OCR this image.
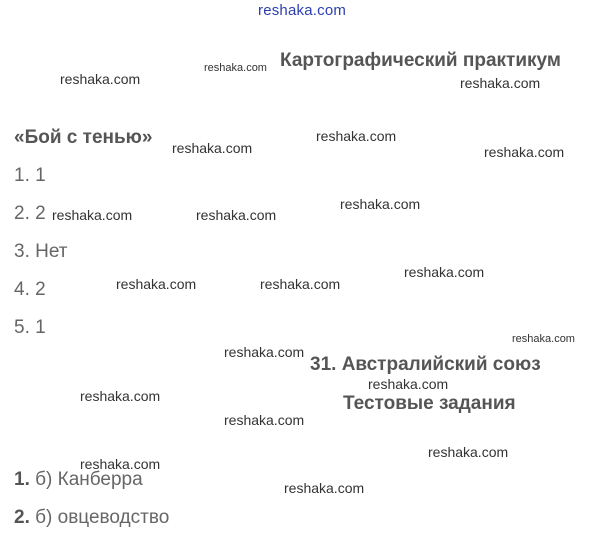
reshaka.com
Картографический практикум
«Бой с тенью»
1. 1
2. 2
3. Нет
4. 2
5. 1
31. Австралийский союз
Тестовые задания
1. б) Канберра
2. б) овцеводство
reshaka.com
reshaka.com
reshaka.com
reshaka.com
reshaka.com
reshaka.com
reshaka.com	reshaka.com
reshaka.com
reshaka.com
reshaka.com	reshaka.com
reshaka.com
reshaka.com
reshaka.com
reshaka.com
reshaka.com
reshaka.com
reshaka.com
reshaka.com
